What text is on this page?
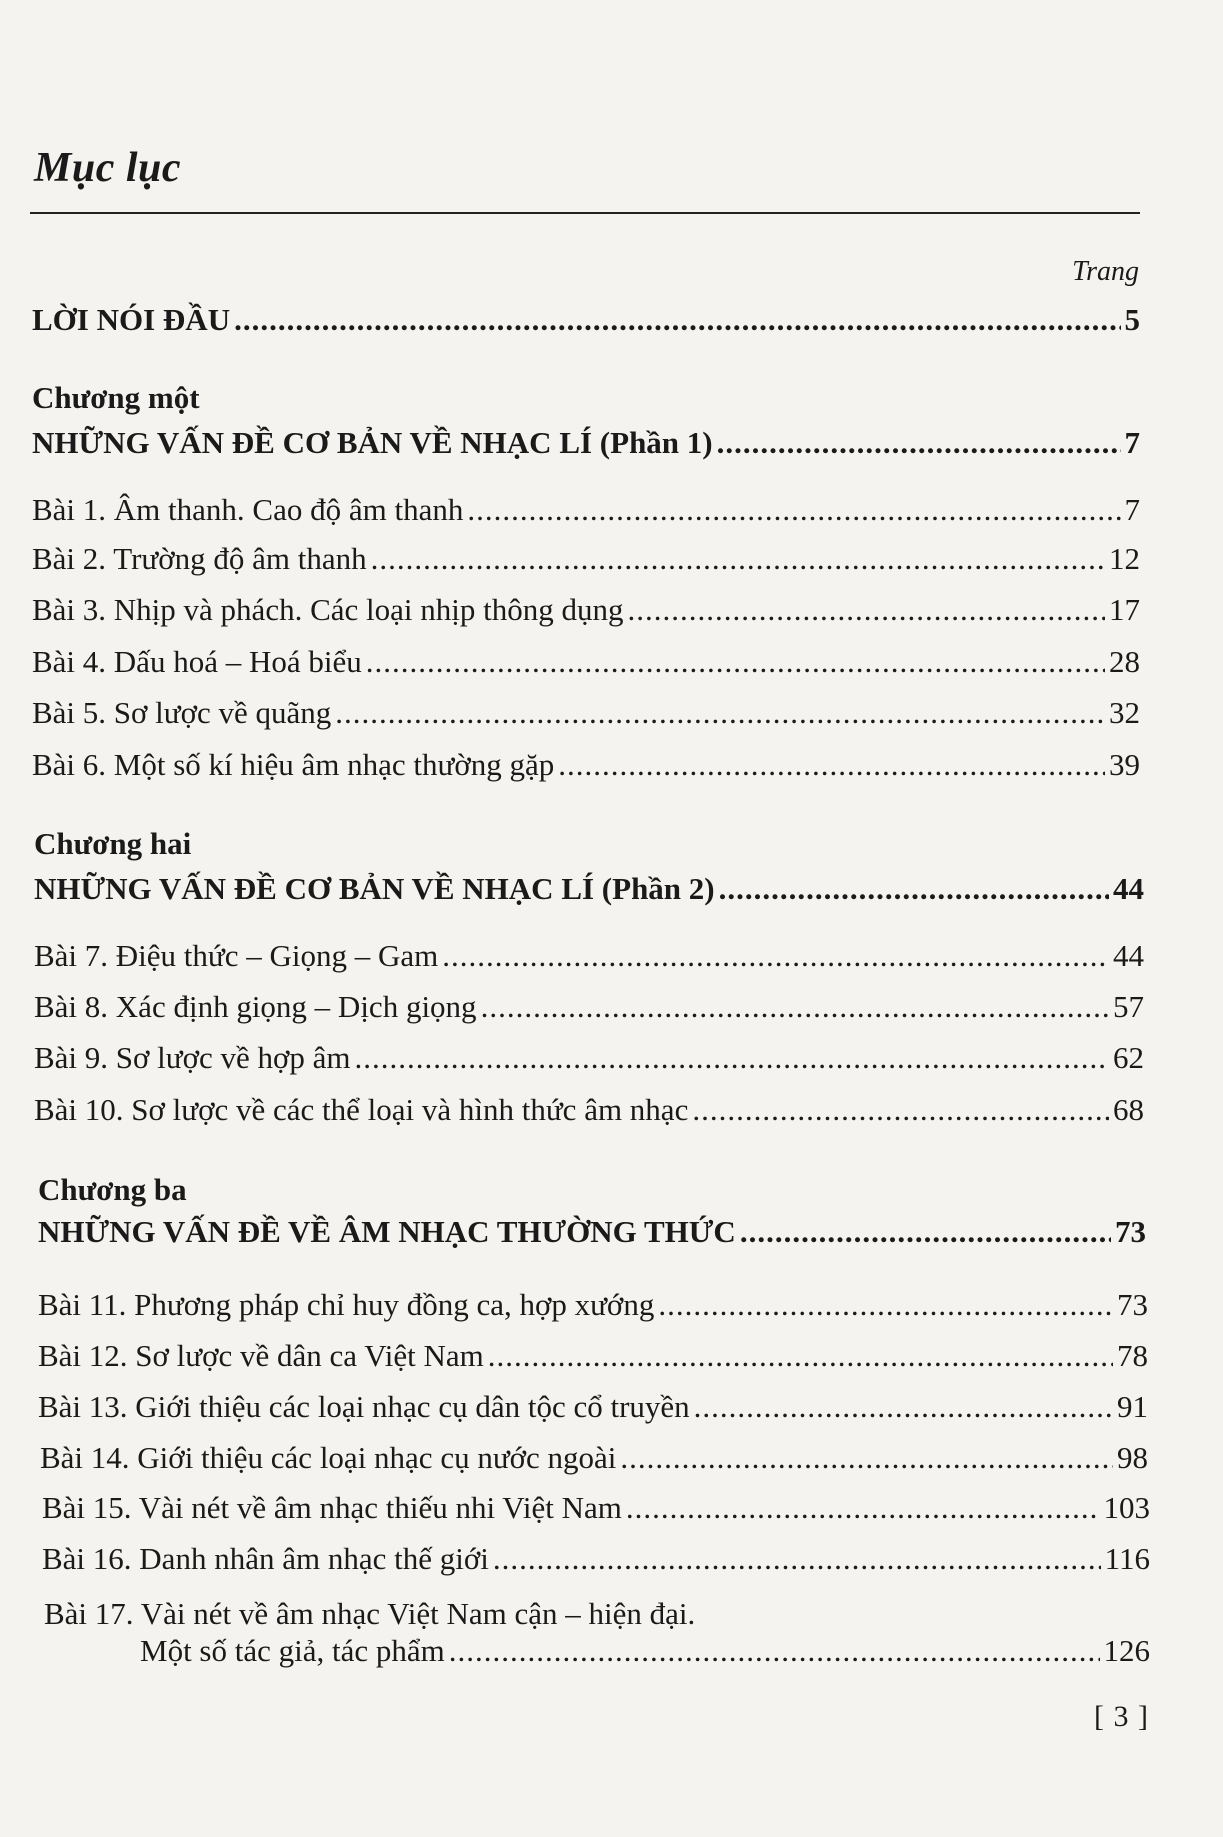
Mục lục
Trang
LỜI NÓI ĐẦU .....	5
Chương một
NHỮNG VẤN ĐỀ CƠ BẢN VỀ NHẠC LÍ (Phần 1) .....	7
Bài 1. Âm thanh. Cao độ âm thanh .....	7
Bài 2. Trường độ âm thanh .....	12
Bài 3. Nhịp và phách. Các loại nhịp thông dụng .....	17
Bài 4. Dấu hoá – Hoá biểu .....	28
Bài 5. Sơ lược về quãng .....	32
Bài 6. Một số kí hiệu âm nhạc thường gặp .....	39
Chương hai
NHỮNG VẤN ĐỀ CƠ BẢN VỀ NHẠC LÍ (Phần 2) .....	44
Bài 7. Điệu thức – Giọng – Gam .....	44
Bài 8. Xác định giọng – Dịch giọng .....	57
Bài 9. Sơ lược về hợp âm .....	62
Bài 10. Sơ lược về các thể loại và hình thức âm nhạc .....	68
Chương ba
NHỮNG VẤN ĐỀ VỀ ÂM NHẠC THƯỜNG THỨC .....	73
Bài 11. Phương pháp chỉ huy đồng ca, hợp xướng .....	73
Bài 12. Sơ lược về dân ca Việt Nam .....	78
Bài 13. Giới thiệu các loại nhạc cụ dân tộc cổ truyền .....	91
Bài 14. Giới thiệu các loại nhạc cụ nước ngoài .....	98
Bài 15. Vài nét về âm nhạc thiếu nhi Việt Nam .....	103
Bài 16. Danh nhân âm nhạc thế giới .....	116
Bài 17. Vài nét về âm nhạc Việt Nam cận – hiện đại.
Một số tác giả, tác phẩm .....	126
[ 3 ]
